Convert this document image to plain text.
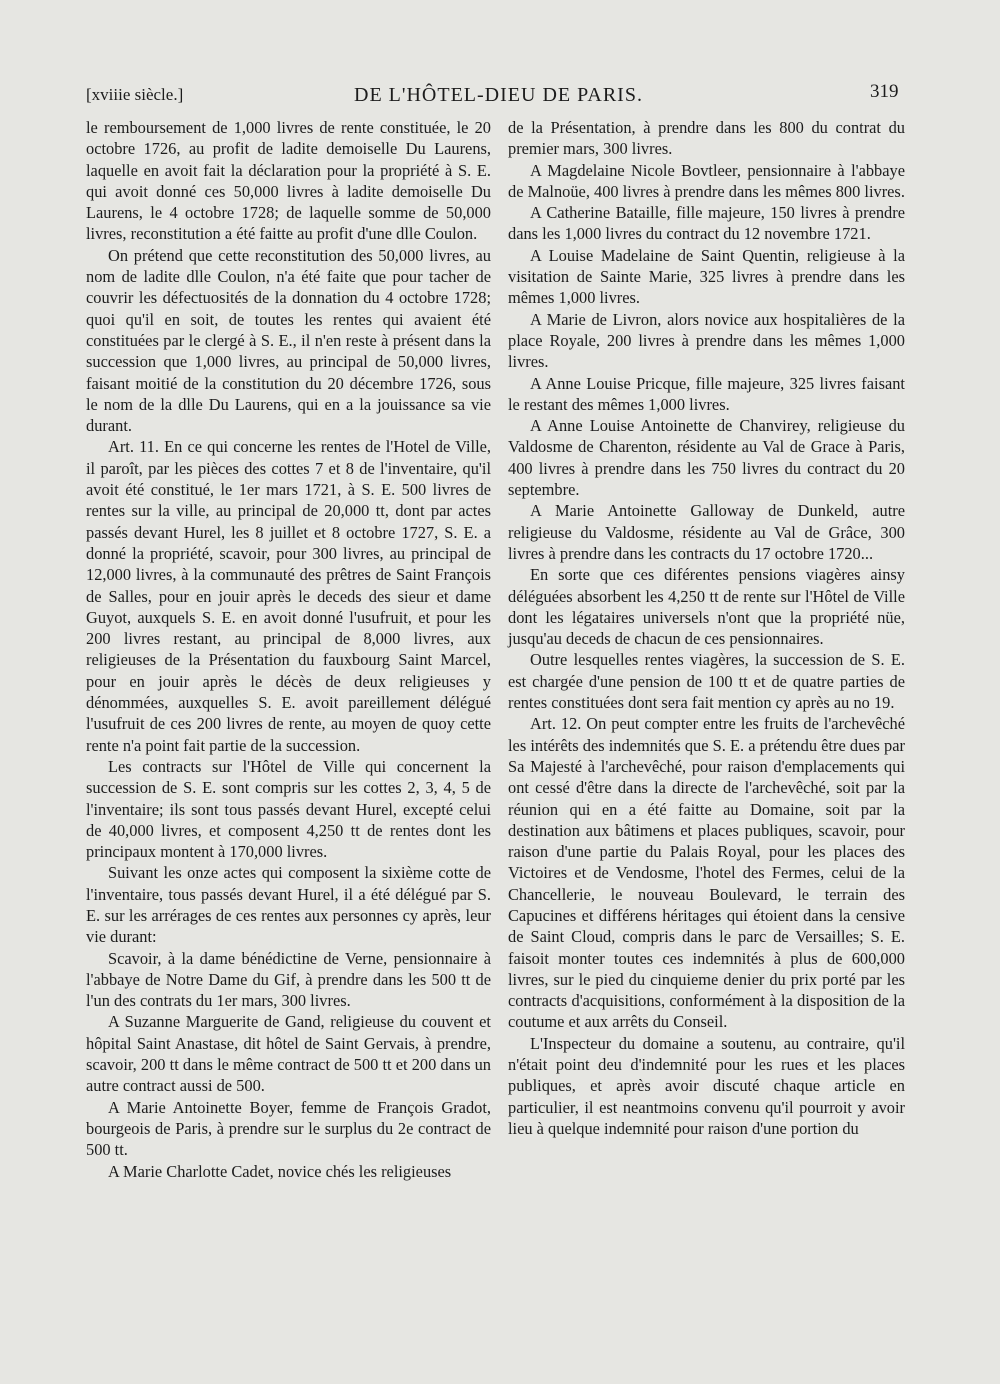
[xviiie siècle.]	DE L'HÔTEL-DIEU DE PARIS.	319

le remboursement de 1,000 livres de rente constituée, le 20 octobre 1726, au profit de ladite demoiselle Du Laurens, laquelle en avoit fait la déclaration pour la propriété à S. E. qui avoit donné ces 50,000 livres à ladite demoiselle Du Laurens, le 4 octobre 1728; de laquelle somme de 50,000 livres, reconstitution a été faitte au profit d'une dlle Coulon.

On prétend que cette reconstitution des 50,000 livres, au nom de ladite dlle Coulon, n'a été faite que pour tacher de couvrir les défectuosités de la donnation du 4 octobre 1728; quoi qu'il en soit, de toutes les rentes qui avaient été constituées par le clergé à S. E., il n'en reste à présent dans la succession que 1,000 livres, au principal de 50,000 livres, faisant moitié de la constitution du 20 décembre 1726, sous le nom de la dlle Du Laurens, qui en a la jouissance sa vie durant.

Art. 11. En ce qui concerne les rentes de l'Hotel de Ville, il paroît, par les pièces des cottes 7 et 8 de l'inventaire, qu'il avoit été constitué, le 1er mars 1721, à S. E. 500 livres de rentes sur la ville, au principal de 20,000 tt, dont par actes passés devant Hurel, les 8 juillet et 8 octobre 1727, S. E. a donné la propriété, scavoir, pour 300 livres, au principal de 12,000 livres, à la communauté des prêtres de Saint François de Salles, pour en jouir après le deceds des sieur et dame Guyot, auxquels S. E. en avoit donné l'usufruit, et pour les 200 livres restant, au principal de 8,000 livres, aux religieuses de la Présentation du fauxbourg Saint Marcel, pour en jouir après le décès de deux religieuses y dénommées, auxquelles S. E. avoit pareillement délégué l'usufruit de ces 200 livres de rente, au moyen de quoy cette rente n'a point fait partie de la succession.

Les contracts sur l'Hôtel de Ville qui concernent la succession de S. E. sont compris sur les cottes 2, 3, 4, 5 de l'inventaire; ils sont tous passés devant Hurel, excepté celui de 40,000 livres, et composent 4,250 tt de rentes dont les principaux montent à 170,000 livres.

Suivant les onze actes qui composent la sixième cotte de l'inventaire, tous passés devant Hurel, il a été délégué par S. E. sur les arrérages de ces rentes aux personnes cy après, leur vie durant:

Scavoir, à la dame bénédictine de Verne, pensionnaire à l'abbaye de Notre Dame du Gif, à prendre dans les 500 tt de l'un des contrats du 1er mars, 300 livres.

A Suzanne Marguerite de Gand, religieuse du couvent et hôpital Saint Anastase, dit hôtel de Saint Gervais, à prendre, scavoir, 200 tt dans le même contract de 500 tt et 200 dans un autre contract aussi de 500.

A Marie Antoinette Boyer, femme de François Gradot, bourgeois de Paris, à prendre sur le surplus du 2e contract de 500 tt.

A Marie Charlotte Cadet, novice chés les religieuses

de la Présentation, à prendre dans les 800 du contrat du premier mars, 300 livres.

A Magdelaine Nicole Bovtleer, pensionnaire à l'abbaye de Malnoüe, 400 livres à prendre dans les mêmes 800 livres.

A Catherine Bataille, fille majeure, 150 livres à prendre dans les 1,000 livres du contract du 12 novembre 1721.

A Louise Madelaine de Saint Quentin, religieuse à la visitation de Sainte Marie, 325 livres à prendre dans les mêmes 1,000 livres.

A Marie de Livron, alors novice aux hospitalières de la place Royale, 200 livres à prendre dans les mêmes 1,000 livres.

A Anne Louise Pricque, fille majeure, 325 livres faisant le restant des mêmes 1,000 livres.

A Anne Louise Antoinette de Chanvirey, religieuse du Valdosme de Charenton, résidente au Val de Grace à Paris, 400 livres à prendre dans les 750 livres du contract du 20 septembre.

A Marie Antoinette Galloway de Dunkeld, autre religieuse du Valdosme, résidente au Val de Grâce, 300 livres à prendre dans les contracts du 17 octobre 1720...

En sorte que ces diférentes pensions viagères ainsy déléguées absorbent les 4,250 tt de rente sur l'Hôtel de Ville dont les légataires universels n'ont que la propriété nüe, jusqu'au deceds de chacun de ces pensionnaires.

Outre lesquelles rentes viagères, la succession de S. E. est chargée d'une pension de 100 tt et de quatre parties de rentes constituées dont sera fait mention cy après au no 19.

Art. 12. On peut compter entre les fruits de l'archevêché les intérêts des indemnités que S. E. a prétendu être dues par Sa Majesté à l'archevêché, pour raison d'emplacements qui ont cessé d'être dans la directe de l'archevêché, soit par la réunion qui en a été faitte au Domaine, soit par la destination aux bâtimens et places publiques, scavoir, pour raison d'une partie du Palais Royal, pour les places des Victoires et de Vendosme, l'hotel des Fermes, celui de la Chancellerie, le nouveau Boulevard, le terrain des Capucines et différens héritages qui étoient dans la censive de Saint Cloud, compris dans le parc de Versailles; S. E. faisoit monter toutes ces indemnités à plus de 600,000 livres, sur le pied du cinquieme denier du prix porté par les contracts d'acquisitions, conformément à la disposition de la coutume et aux arrêts du Conseil.

L'Inspecteur du domaine a soutenu, au contraire, qu'il n'était point deu d'indemnité pour les rues et les places publiques, et après avoir discuté chaque article en particulier, il est neantmoins convenu qu'il pourroit y avoir lieu à quelque indemnité pour raison d'une portion du
